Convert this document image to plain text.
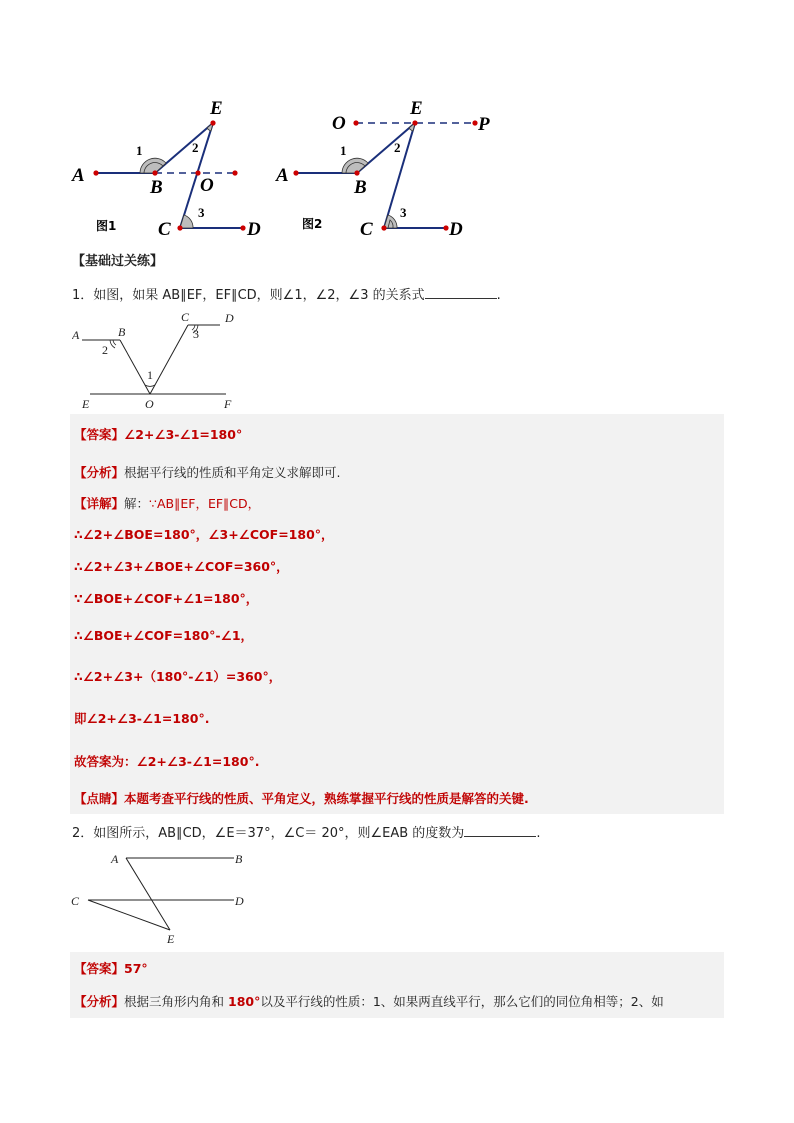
A
B O
E
C	D
1	2
3
图1
O
E
P
A
B
C	D
1	2
3
图2
【基础过关练】
1．如图，如果 AB∥EF，EF∥CD，则∠1，∠2，∠3 的关系式	.
A	B
C	D
2
3
1
E	O	F
【答案】∠2+∠3-∠1=180°
【分析】根据平行线的性质和平角定义求解即可.
【详解】解：∵AB∥EF，EF∥CD，
∴∠2+∠BOE=180°，∠3+∠COF=180°，
∴∠2+∠3+∠BOE+∠COF=360°，
∵∠BOE+∠COF+∠1=180°，
∴∠BOE+∠COF=180°-∠1，
∴∠2+∠3+（180°-∠1）=360°，
即∠2+∠3-∠1=180°.
故答案为：∠2+∠3-∠1=180°.
【点睛】本题考查平行线的性质、平角定义，熟练掌握平行线的性质是解答的关键.
2．如图所示，AB∥CD，∠E＝37°，∠C＝ 20°，则∠EAB 的度数为	.
A	B
C	D
E
【答案】57°
【分析】根据三角形内角和 180°以及平行线的性质：1、如果两直线平行，那么它们的同位角相等；2、如
